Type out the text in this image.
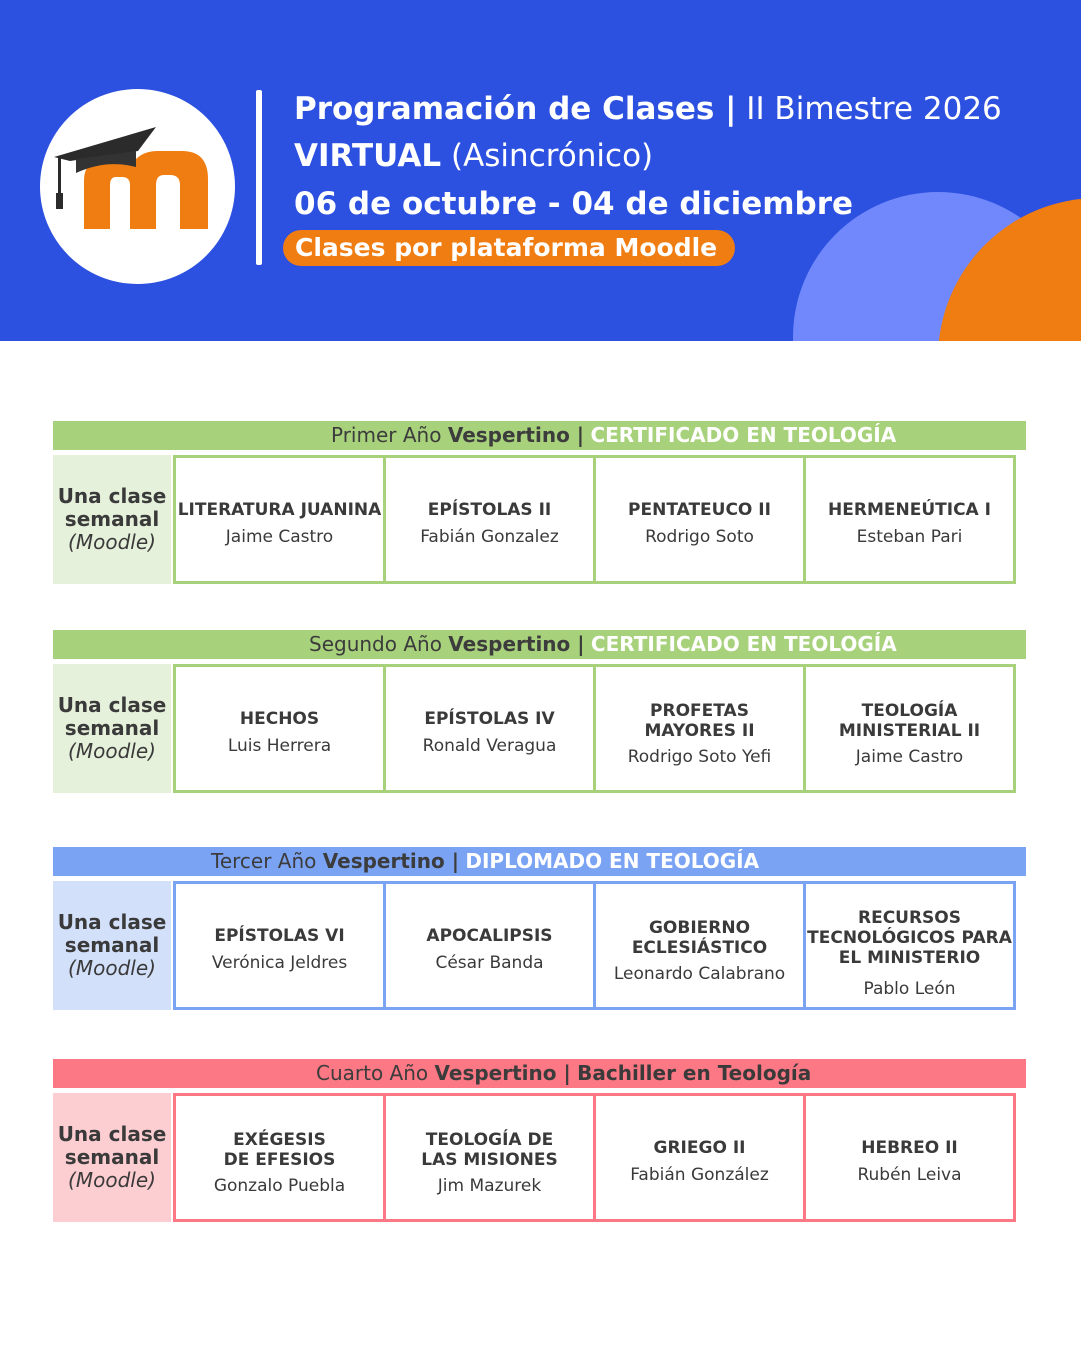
Programación de Clases | II Bimestre 2026
VIRTUAL (Asincrónico)
06 de octubre - 04 de diciembre
Clases por plataforma Moodle
Primer Año Vespertino | CERTIFICADO EN TEOLOGÍA
Una clase
semanal
(Moodle)
LITERATURA JUANINA
Jaime Castro
EPÍSTOLAS II
Fabián Gonzalez
PENTATEUCO II
Rodrigo Soto
HERMENEÚTICA I
Esteban Pari
Segundo Año Vespertino | CERTIFICADO EN TEOLOGÍA
Una clase
semanal
(Moodle)
HECHOS
Luis Herrera
EPÍSTOLAS IV
Ronald Veragua
PROFETAS
MAYORES II
Rodrigo Soto Yefi
TEOLOGÍA
MINISTERIAL II
Jaime Castro
Tercer Año Vespertino | DIPLOMADO EN TEOLOGÍA
Una clase
semanal
(Moodle)
EPÍSTOLAS VI
Verónica Jeldres
APOCALIPSIS
César Banda
GOBIERNO
ECLESIÁSTICO
Leonardo Calabrano
RECURSOS
TECNOLÓGICOS PARA
EL MINISTERIO
Pablo León
Cuarto Año Vespertino | Bachiller en Teología
Una clase
semanal
(Moodle)
EXÉGESIS
DE EFESIOS
Gonzalo Puebla
TEOLOGÍA DE
LAS MISIONES
Jim Mazurek
GRIEGO II
Fabián González
HEBREO II
Rubén Leiva
